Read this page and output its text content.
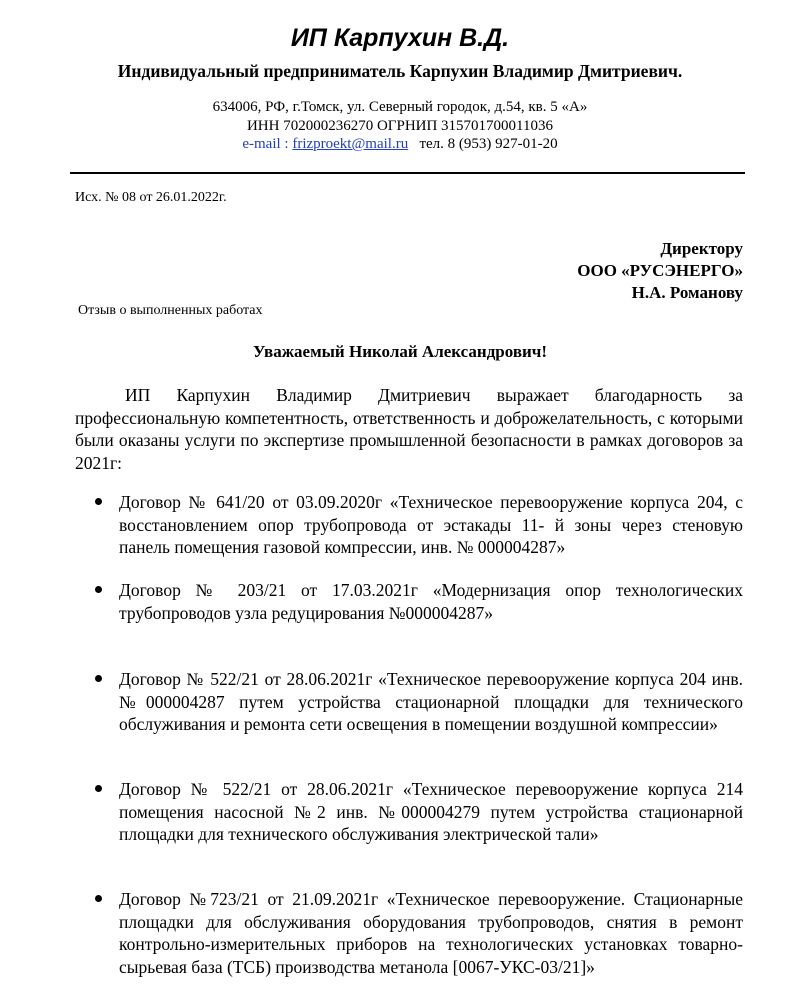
ИП Карпухин В.Д.
Индивидуальный предприниматель Карпухин Владимир Дмитриевич.
634006, РФ, г.Томск, ул. Северный городок, д.54, кв. 5 «А»
ИНН 702000236270 ОГРНИП 315701700011036
e-mail : frizproekt@mail.ru тел. 8 (953) 927-01-20
Исх. № 08 от 26.01.2022г.
Директору
ООО «РУСЭНЕРГО»
Н.А. Романову
Отзыв о выполненных работах
Уважаемый Николай Александрович!

ИП Карпухин Владимир Дмитриевич выражает благодарность за профессиональную компетентность, ответственность и доброжелательность, с которыми были оказаны услуги по экспертизе промышленной безопасности в рамках договоров за 2021г:

Договор № 641/20 от 03.09.2020г «Техническое перевооружение корпуса 204, с восстановлением опор трубопровода от эстакады 11- й зоны через стеновую панель помещения газовой компрессии, инв. № 000004287»
Договор № 203/21 от 17.03.2021г «Модернизация опор технологических трубопроводов узла редуцирования №000004287»
Договор № 522/21 от 28.06.2021г «Техническое перевооружение корпуса 204 инв. №000004287 путем устройства стационарной площадки для технического обслуживания и ремонта сети освещения в помещении воздушной компрессии»
Договор № 522/21 от 28.06.2021г «Техническое перевооружение корпуса 214 помещения насосной №2 инв. №000004279 путем устройства стационарной площадки для технического обслуживания электрической тали»
Договор №723/21 от 21.09.2021г «Техническое перевооружение. Стационарные площадки для обслуживания оборудования трубопроводов, снятия в ремонт контрольно-измерительных приборов на технологических установках товарно-сырьевая база (ТСБ) производства метанола [0067-УКС-03/21]»
